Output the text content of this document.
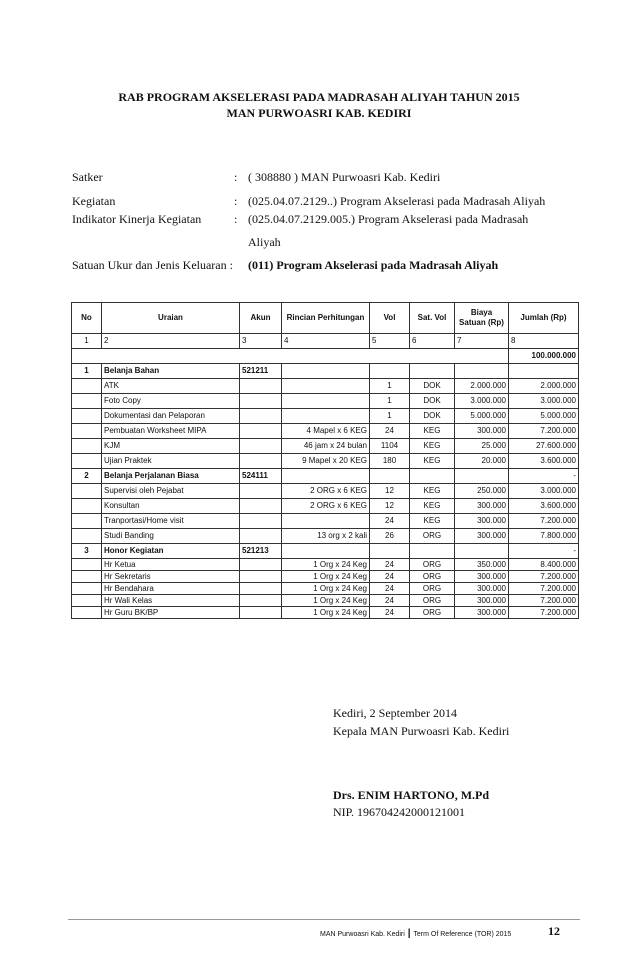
RAB PROGRAM AKSELERASI PADA MADRASAH ALIYAH TAHUN 2015
MAN PURWOASRI KAB. KEDIRI
Satker	: ( 308880 ) MAN Purwoasri Kab. Kediri
Kegiatan	: (025.04.07.2129..) Program Akselerasi pada Madrasah Aliyah
Indikator Kinerja Kegiatan	: (025.04.07.2129.005.) Program Akselerasi pada Madrasah
Aliyah
Satuan Ukur dan Jenis Keluaran : (011) Program Akselerasi pada Madrasah Aliyah
No	Uraian	Akun	Rincian Perhitungan	Vol	Sat. Vol	Biaya Satuan (Rp)	Jumlah (Rp)
1	2	3	4	5	6	7	8
							100.000.000
1	Belanja Bahan	521211					
	ATK			1	DOK	2.000.000	2.000.000
	Foto Copy			1	DOK	3.000.000	3.000.000
	Dokumentasi dan Pelaporan			1	DOK	5.000.000	5.000.000
	Pembuatan Worksheet MIPA		4 Mapel x 6 KEG	24	KEG	300.000	7.200.000
	KJM		46 jam x 24 bulan	1104	KEG	25.000	27.600.000
	Ujian Praktek		9 Mapel x 20 KEG	180	KEG	20.000	3.600.000
2	Belanja Perjalanan Biasa	524111					-
	Supervisi oleh Pejabat		2 ORG x 6 KEG	12	KEG	250.000	3.000.000
	Konsultan		2 ORG x 6 KEG	12	KEG	300.000	3.600.000
	Tranportasi/Home visit			24	KEG	300.000	7.200.000
	Studi Banding		13 org x 2 kali	26	ORG	300.000	7.800.000
3	Honor Kegiatan	521213					-
	Hr Ketua		1 Org x 24 Keg	24	ORG	350.000	8.400.000
	Hr Sekretaris		1 Org x 24 Keg	24	ORG	300.000	7.200.000
	Hr Bendahara		1 Org x 24 Keg	24	ORG	300.000	7.200.000
	Hr Wali Kelas		1 Org x 24 Keg	24	ORG	300.000	7.200.000
	Hr Guru BK/BP		1 Org x 24 Keg	24	ORG	300.000	7.200.000
Kediri, 2 September 2014
Kepala MAN Purwoasri Kab. Kediri
Drs. ENIM HARTONO, M.Pd
NIP. 196704242000121001
MAN Purwoasri Kab. Kediri | Term Of Reference (TOR) 2015	12
